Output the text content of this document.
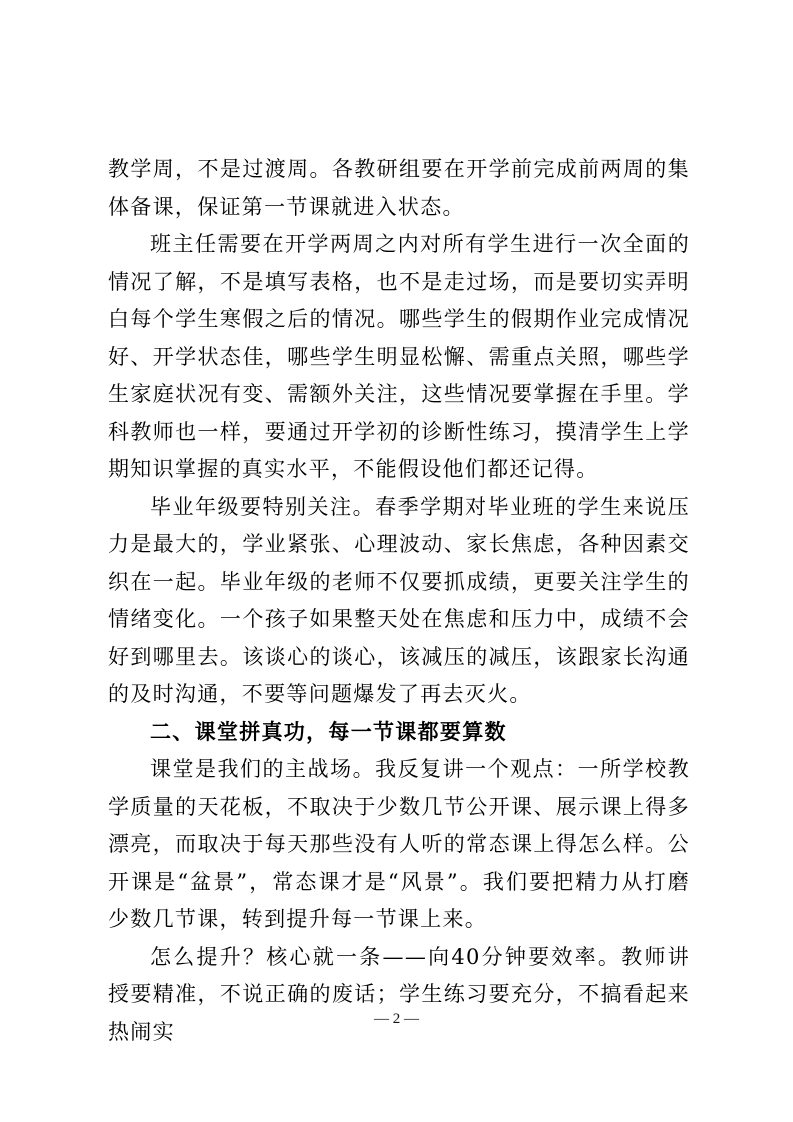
教学周，不是过渡周。各教研组要在开学前完成前两周的集体备课，保证第一节课就进入状态。

班主任需要在开学两周之内对所有学生进行一次全面的情况了解，不是填写表格，也不是走过场，而是要切实弄明白每个学生寒假之后的情况。哪些学生的假期作业完成情况好、开学状态佳，哪些学生明显松懈、需重点关照，哪些学生家庭状况有变、需额外关注，这些情况要掌握在手里。学科教师也一样，要通过开学初的诊断性练习，摸清学生上学期知识掌握的真实水平，不能假设他们都还记得。

毕业年级要特别关注。春季学期对毕业班的学生来说压力是最大的，学业紧张、心理波动、家长焦虑，各种因素交织在一起。毕业年级的老师不仅要抓成绩，更要关注学生的情绪变化。一个孩子如果整天处在焦虑和压力中，成绩不会好到哪里去。该谈心的谈心，该减压的减压，该跟家长沟通的及时沟通，不要等问题爆发了再去灭火。

二、课堂拼真功，每一节课都要算数

课堂是我们的主战场。我反复讲一个观点：一所学校教学质量的天花板，不取决于少数几节公开课、展示课上得多漂亮，而取决于每天那些没有人听的常态课上得怎么样。公开课是“盆景”，常态课才是“风景”。我们要把精力从打磨少数几节课，转到提升每一节课上来。

怎么提升？核心就一条——向40分钟要效率。教师讲授要精准，不说正确的废话；学生练习要充分，不搞看起来热闹实

— 2 —
